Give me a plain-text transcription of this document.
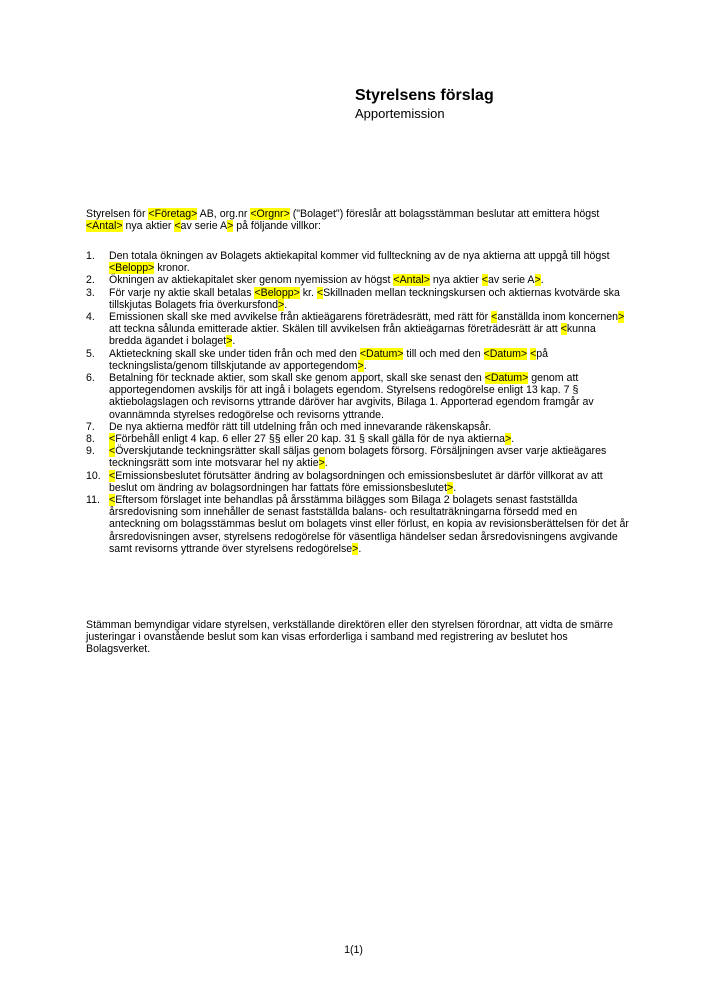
Styrelsens förslag
Apportemission

Styrelsen för <Företag> AB, org.nr <Orgnr> ("Bolaget") föreslår att bolagsstämman beslutar att emittera högst <Antal> nya aktier <av serie A> på följande villkor:

1. Den totala ökningen av Bolagets aktiekapital kommer vid fullteckning av de nya aktierna att uppgå till högst <Belopp> kronor.
2. Ökningen av aktiekapitalet sker genom nyemission av högst <Antal> nya aktier <av serie A>.
3. För varje ny aktie skall betalas <Belopp> kr. <Skillnaden mellan teckningskursen och aktiernas kvotvärde ska tillskjutas Bolagets fria överkursfond>.
4. Emissionen skall ske med avvikelse från aktieägarens företrädesrätt, med rätt för <anställda inom koncernen> att teckna sålunda emitterade aktier. Skälen till avvikelsen från aktieägarnas företrädesrätt är att <kunna bredda ägandet i bolaget>.
5. Aktieteckning skall ske under tiden från och med den <Datum> till och med den <Datum> <på teckningslista/genom tillskjutande av apportegendom>.
6. Betalning för tecknade aktier, som skall ske genom apport, skall ske senast den <Datum> genom att apportegendomen avskiljs för att ingå i bolagets egendom. Styrelsens redogörelse enligt 13 kap. 7 § aktiebolagslagen och revisorns yttrande däröver har avgivits, Bilaga 1. Apporterad egendom framgår av ovannämnda styrelses redogörelse och revisorns yttrande.
7. De nya aktierna medför rätt till utdelning från och med innevarande räkenskapsår.
8. <Förbehåll enligt 4 kap. 6 eller 27 §§ eller 20 kap. 31 § skall gälla för de nya aktierna>.
9. <Överskjutande teckningsrätter skall säljas genom bolagets försorg. Försäljningen avser varje aktieägares teckningsrätt som inte motsvarar hel ny aktie>.
10. <Emissionsbeslutet förutsätter ändring av bolagsordningen och emissionsbeslutet är därför villkorat av att beslut om ändring av bolagsordningen har fattats före emissionsbeslutet>.
11. <Eftersom förslaget inte behandlas på årsstämma bilägges som Bilaga 2 bolagets senast fastställda årsredovisning som innehåller de senast fastställda balans- och resultaträkningarna försedd med en anteckning om bolagsstämmas beslut om bolagets vinst eller förlust, en kopia av revisionsberättelsen för det år årsredovisningen avser, styrelsens redogörelse för väsentliga händelser sedan årsredovisningens avgivande samt revisorns yttrande över styrelsens redogörelse>.

Stämman bemyndigar vidare styrelsen, verkställande direktören eller den styrelsen förordnar, att vidta de smärre justeringar i ovanstående beslut som kan visas erforderliga i samband med registrering av beslutet hos Bolagsverket.

1(1)
